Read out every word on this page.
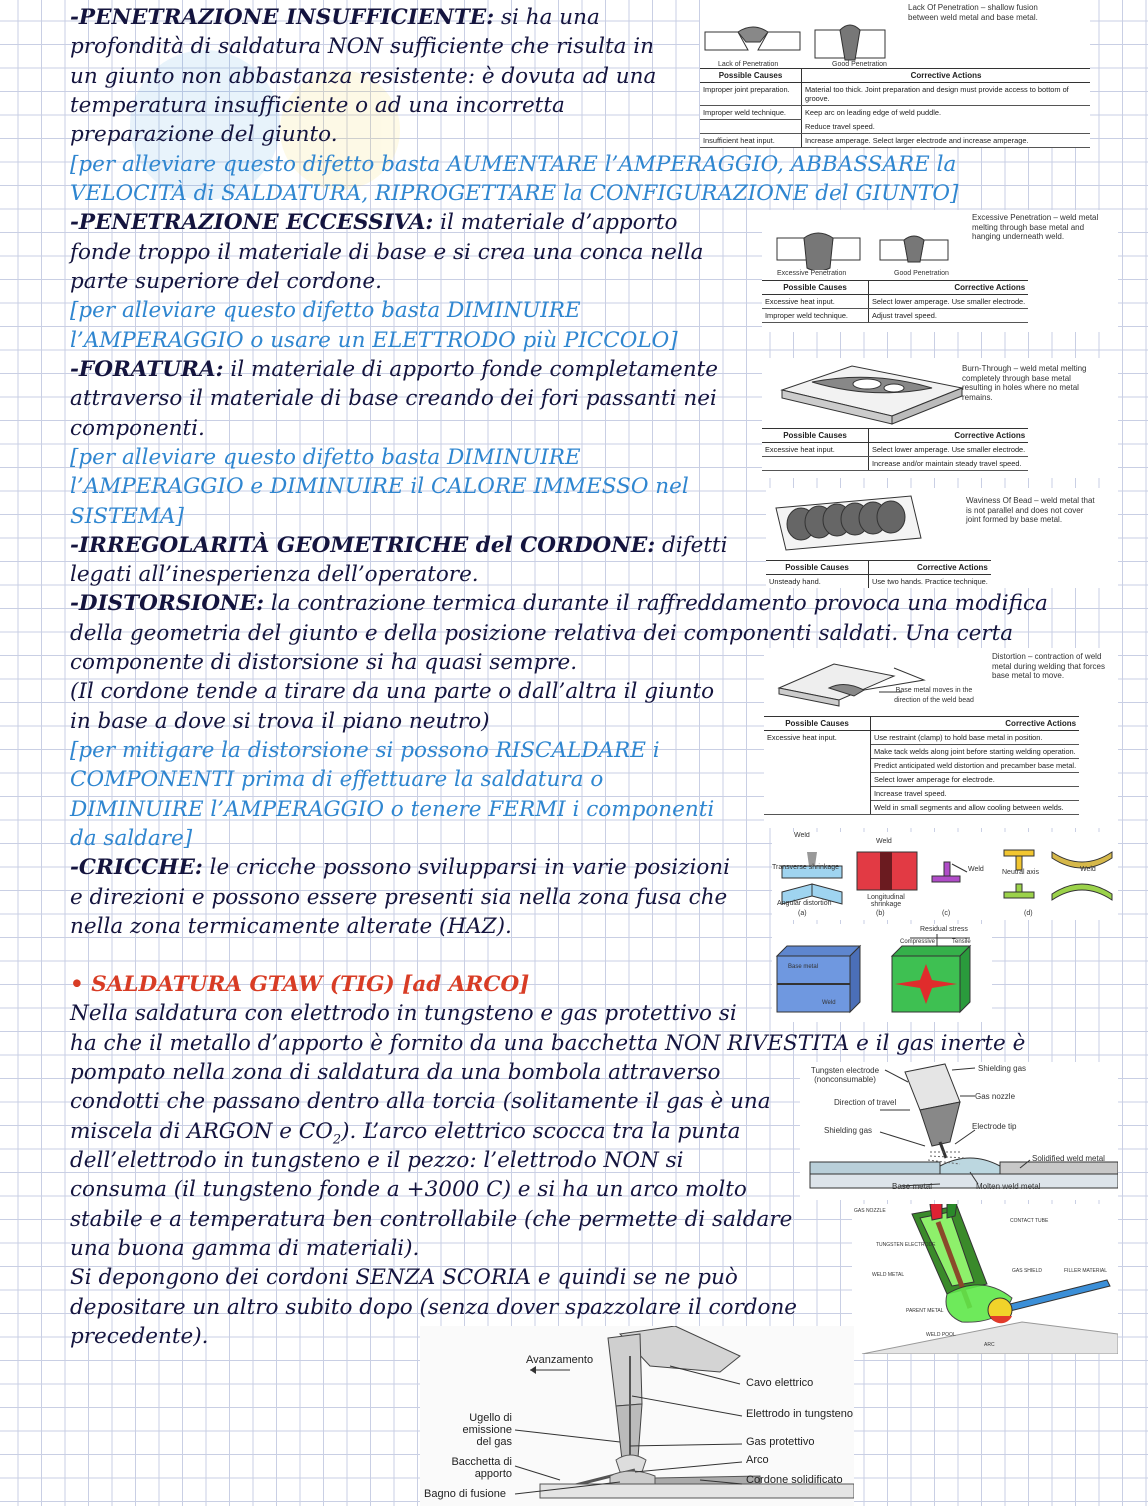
-PENETRAZIONE INSUFFICIENTE: si ha una
profondità di saldatura NON sufficiente che risulta in
un giunto non abbastanza resistente: è dovuta ad una
temperatura insufficiente o ad una incorretta
preparazione del giunto.
[per alleviare questo difetto basta AUMENTARE l’AMPERAGGIO, ABBASSARE la
VELOCITÀ di SALDATURA, RIPROGETTARE la CONFIGURAZIONE del GIUNTO]
-PENETRAZIONE ECCESSIVA: il materiale d’apporto
fonde troppo il materiale di base e si crea una conca nella
parte superiore del cordone.
[per alleviare questo difetto basta DIMINUIRE
l’AMPERAGGIO o usare un ELETTRODO più PICCOLO]
-FORATURA: il materiale di apporto fonde completamente
attraverso il materiale di base creando dei fori passanti nei
componenti.
[per alleviare questo difetto basta DIMINUIRE
l’AMPERAGGIO e DIMINUIRE il CALORE IMMESSO nel
SISTEMA]
-IRREGOLARITÀ GEOMETRICHE del CORDONE: difetti
legati all’inesperienza dell’operatore.
-DISTORSIONE: la contrazione termica durante il raffreddamento provoca una modifica
della geometria del giunto e della posizione relativa dei componenti saldati. Una certa
componente di distorsione si ha quasi sempre.
(Il cordone tende a tirare da una parte o dall’altra il giunto
in base a dove si trova il piano neutro)
[per mitigare la distorsione si possono RISCALDARE i
COMPONENTI prima di effettuare la saldatura o
DIMINUIRE l’AMPERAGGIO o tenere FERMI i componenti
da saldare]
-CRICCHE: le cricche possono svilupparsi in varie posizioni
e direzioni e possono essere presenti sia nella zona fusa che
nella zona termicamente alterate (HAZ).
• SALDATURA GTAW (TIG) [ad ARCO]
Nella saldatura con elettrodo in tungsteno e gas protettivo si
ha che il metallo d’apporto è fornito da una bacchetta NON RIVESTITA e il gas inerte è
pompato nella zona di saldatura da una bombola attraverso
condotti che passano dentro alla torcia (solitamente il gas è una
miscela di ARGON e $CO_2$). L’arco elettrico scocca tra la punta
dell’elettrodo in tungsteno e il pezzo: l’elettrodo NON si
consuma (il tungsteno fonde a +3000 C) e si ha un arco molto
stabile e a temperatura ben controllabile (che permette di saldare
una buona gamma di materiali).
Si depongono dei cordoni SENZA SCORIA e quindi se ne può
depositare un altro subito dopo (senza dover spazzolare il cordone
precedente).
Lack of Penetration	Good Penetration
Lack Of Penetration – shallow fusion between weld metal and base metal.
Possible Causes	Corrective Actions
Improper joint preparation.	Material too thick. Joint preparation and design must provide access to bottom of groove.
Improper weld technique.	Keep arc on leading edge of weld puddle.
	Reduce travel speed.
Insufficient heat input.	Increase amperage. Select larger electrode and increase amperage.
Excessive Penetration	Good Penetration
Excessive Penetration – weld metal melting through base metal and hanging underneath weld.
Possible Causes	Corrective Actions
Excessive heat input.	Select lower amperage. Use smaller electrode.
Improper weld technique.	Adjust travel speed.
Burn-Through – weld metal melting completely through base metal resulting in holes where no metal remains.
Possible Causes	Corrective Actions
Excessive heat input.	Select lower amperage. Use smaller electrode.
	Increase and/or maintain steady travel speed.
Waviness Of Bead – weld metal that is not parallel and does not cover joint formed by base metal.
Possible Causes	Corrective Actions
Unsteady hand.	Use two hands. Practice technique.
Base metal moves in the direction of the weld bead
Distortion – contraction of weld metal during welding that forces base metal to move.
Possible Causes	Corrective Actions
Excessive heat input.	Use restraint (clamp) to hold base metal in position.
	Make tack welds along joint before starting welding operation.
	Predict anticipated weld distortion and precamber base metal.
	Select lower amperage for electrode.
	Increase travel speed.
	Weld in small segments and allow cooling between welds.
Weld
Transverse shrinkage
Angular distortion
Weld
Longitudinal shrinkage
Weld	Neutral axis	Weld
(a)	(b)	(c)	(d)
Residual stress
Compressive	Tensile
Base metal
Weld
Tungsten electrode (nonconsumable)
Shielding gas
Gas nozzle
Direction of travel
Electrode tip
Shielding gas
Solidified weld metal
Base metal	Molten weld metal
GAS NOZZLE
CONTACT TUBE
TUNGSTEN ELECTRODE
WELD METAL
GAS SHIELD	FILLER MATERIAL
PARENT METAL
WELD POOL
ARC
Avanzamento
Cavo elettrico
Elettrodo in tungsteno
Ugello di emissione del gas	Gas protettivo
Bacchetta di apporto
Arco
Bagno di fusione
Cordone solidificato
